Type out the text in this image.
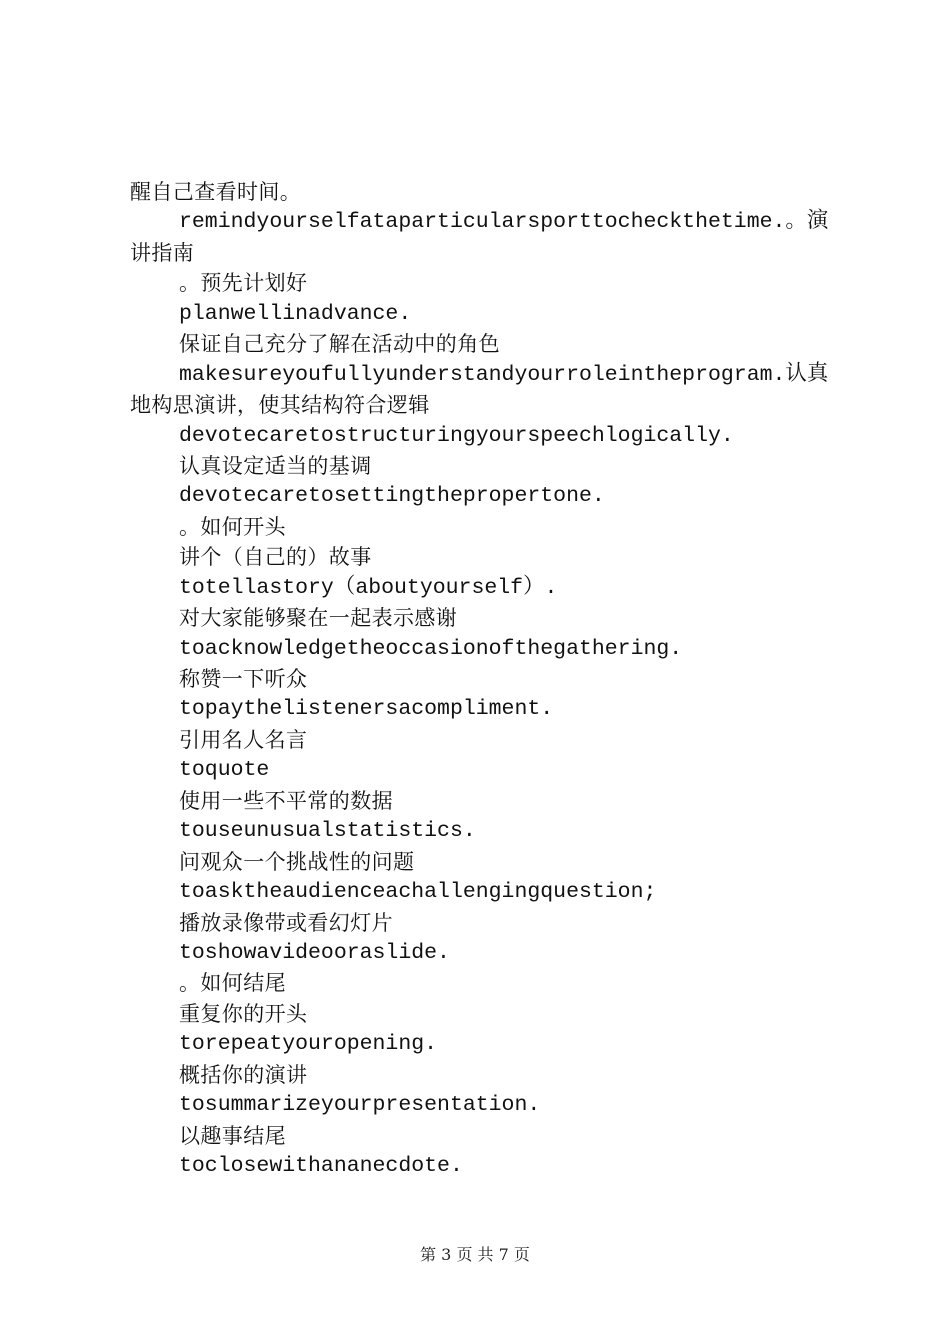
醒自己查看时间。
remindyourselfataparticularsporttocheckthetime.。演
讲指南
。预先计划好
planwellinadvance.
保证自己充分了解在活动中的角色
makesureyoufullyunderstandyourroleintheprogram.认真
地构思演讲，使其结构符合逻辑
devotecaretostructuringyourspeechlogically.
认真设定适当的基调
devotecaretosettingthepropertone.
。如何开头
讲个（自己的）故事
totellastory（aboutyourself）.
对大家能够聚在一起表示感谢
toacknowledgetheoccasionofthegathering.
称赞一下听众
topaythelistenersacompliment.
引用名人名言
toquote
使用一些不平常的数据
touseunusualstatistics.
问观众一个挑战性的问题
toasktheaudienceachallengingquestion;
播放录像带或看幻灯片
toshowavideooraslide.
。如何结尾
重复你的开头
torepeatyouropening.
概括你的演讲
tosummarizeyourpresentation.
以趣事结尾
toclosewithananecdote.
第 3 页 共 7 页
